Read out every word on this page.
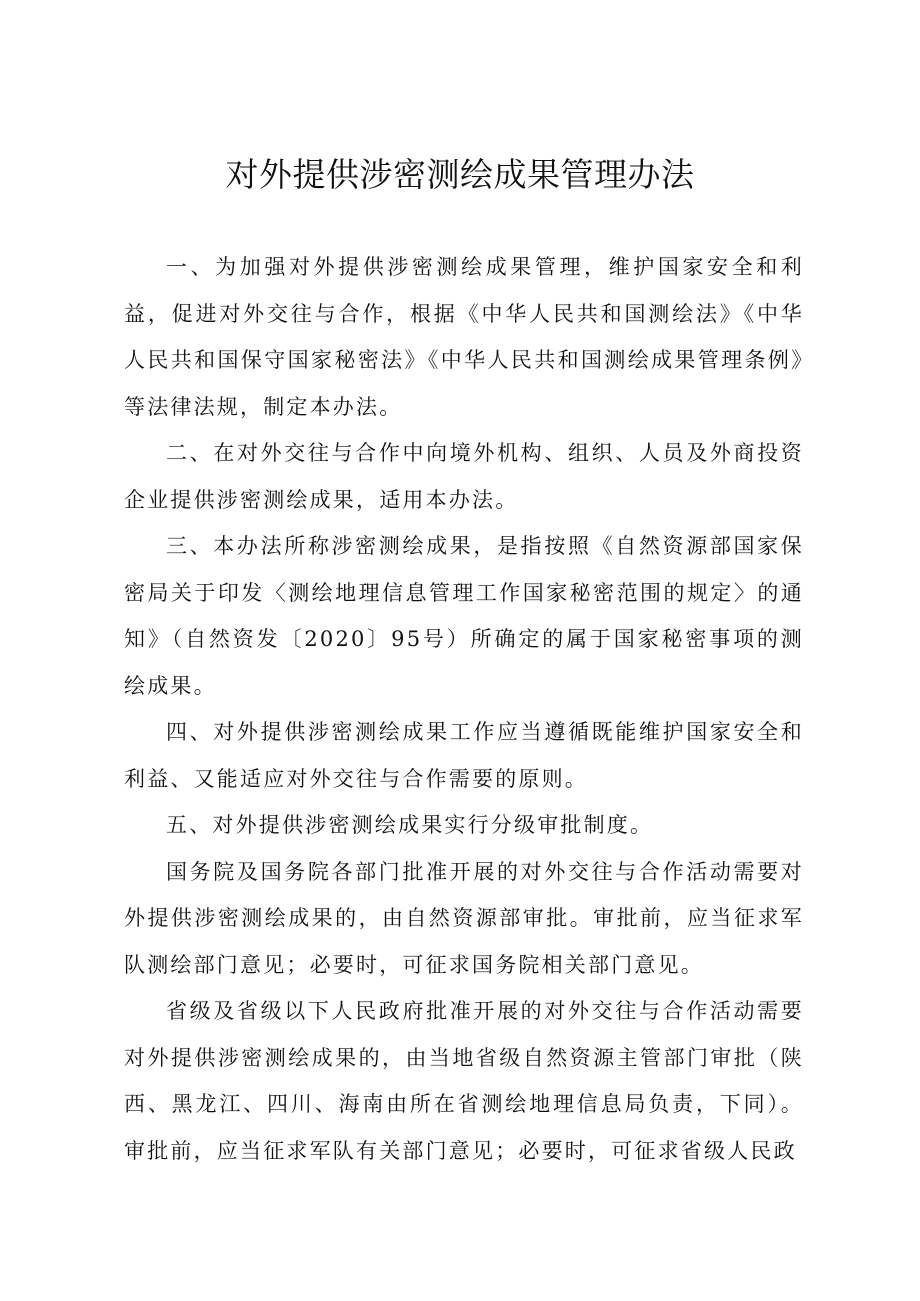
对外提供涉密测绘成果管理办法

一、为加强对外提供涉密测绘成果管理，维护国家安全和利益，促进对外交往与合作，根据《中华人民共和国测绘法》《中华人民共和国保守国家秘密法》《中华人民共和国测绘成果管理条例》等法律法规，制定本办法。

二、在对外交往与合作中向境外机构、组织、人员及外商投资企业提供涉密测绘成果，适用本办法。

三、本办法所称涉密测绘成果，是指按照《自然资源部国家保密局关于印发〈测绘地理信息管理工作国家秘密范围的规定〉的通知》（自然资发〔2020〕95号）所确定的属于国家秘密事项的测绘成果。

四、对外提供涉密测绘成果工作应当遵循既能维护国家安全和利益、又能适应对外交往与合作需要的原则。

五、对外提供涉密测绘成果实行分级审批制度。

国务院及国务院各部门批准开展的对外交往与合作活动需要对外提供涉密测绘成果的，由自然资源部审批。审批前，应当征求军队测绘部门意见；必要时，可征求国务院相关部门意见。

省级及省级以下人民政府批准开展的对外交往与合作活动需要对外提供涉密测绘成果的，由当地省级自然资源主管部门审批（陕西、黑龙江、四川、海南由所在省测绘地理信息局负责，下同）。审批前，应当征求军队有关部门意见；必要时，可征求省级人民政
